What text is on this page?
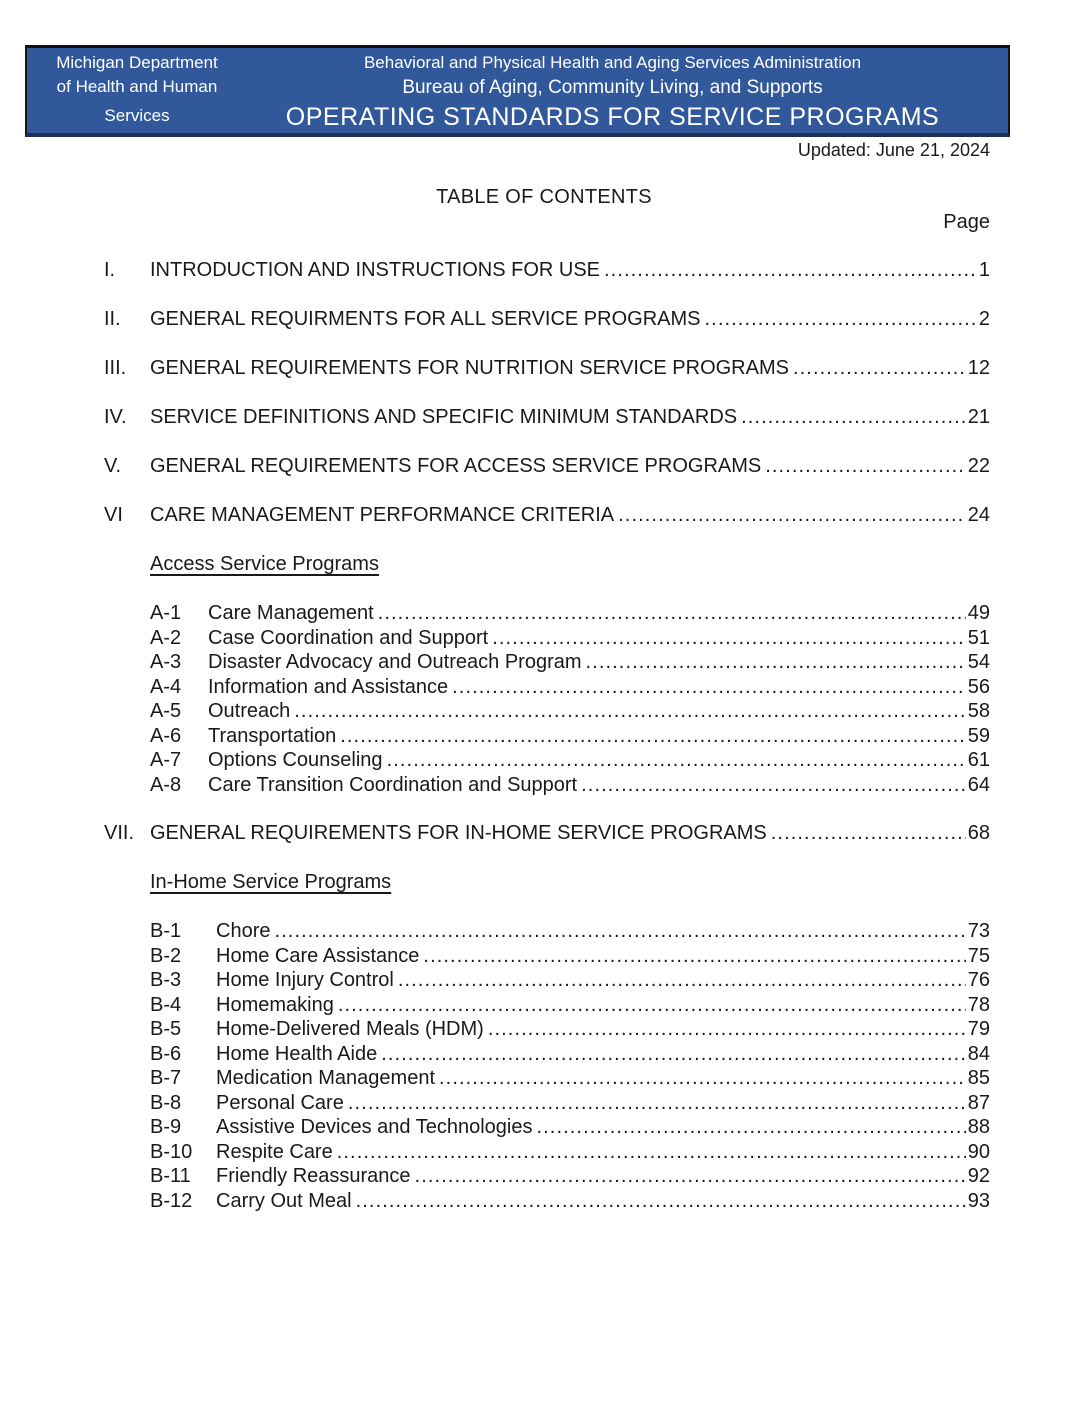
Michigan Department
of Health and Human
Services
Behavioral and Physical Health and Aging Services Administration
Bureau of Aging, Community Living, and Supports
OPERATING STANDARDS FOR SERVICE PROGRAMS
Updated: June 21, 2024
TABLE OF CONTENTS
Page
I.	INTRODUCTION AND INSTRUCTIONS FOR USE .....	1
II.	GENERAL REQUIRMENTS FOR ALL SERVICE PROGRAMS .....	2
III.	GENERAL REQUIREMENTS FOR NUTRITION SERVICE PROGRAMS .....	12
IV.	SERVICE DEFINITIONS AND SPECIFIC MINIMUM STANDARDS .....	21
V.	GENERAL REQUIREMENTS FOR ACCESS SERVICE PROGRAMS .....	22
VI	CARE MANAGEMENT PERFORMANCE CRITERIA .....	24
Access Service Programs
A-1	Care Management .....	49
A-2	Case Coordination and Support .....	51
A-3	Disaster Advocacy and Outreach Program .....	54
A-4	Information and Assistance .....	56
A-5	Outreach .....	58
A-6	Transportation .....	59
A-7	Options Counseling .....	61
A-8	Care Transition Coordination and Support .....	64
VII. GENERAL REQUIREMENTS FOR IN-HOME SERVICE PROGRAMS .....	68
In-Home Service Programs
B-1	Chore .....	73
B-2	Home Care Assistance .....	75
B-3	Home Injury Control .....	76
B-4	Homemaking .....	78
B-5	Home-Delivered Meals (HDM) .....	79
B-6	Home Health Aide .....	84
B-7	Medication Management .....	85
B-8	Personal Care .....	87
B-9	Assistive Devices and Technologies .....	88
B-10	Respite Care .....	90
B-11	Friendly Reassurance .....	92
B-12	Carry Out Meal .....	93
